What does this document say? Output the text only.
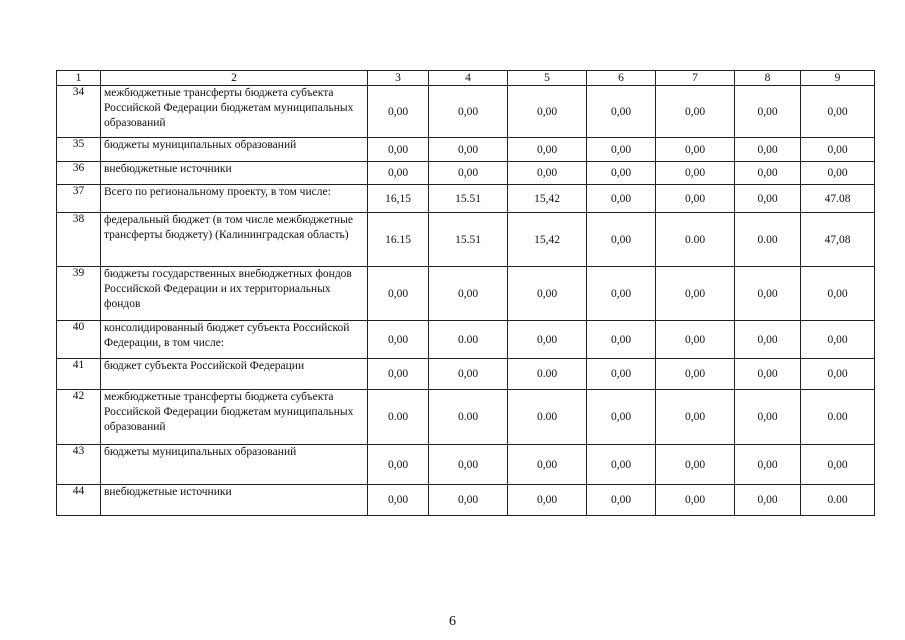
1	2	3	4	5	6	7	8	9
34	межбюджетные трансферты бюджета субъекта Российской Федерации бюджетам муниципальных образований	0,00	0,00	0,00	0,00	0,00	0,00	0,00
35	бюджеты муниципальных образований	0,00	0,00	0,00	0,00	0,00	0,00	0,00
36	внебюджетные источники	0,00	0,00	0,00	0,00	0,00	0,00	0,00
37	Всего по региональному проекту, в том числе:	16,15	15.51	15,42	0,00	0,00	0,00	47.08
38	федеральный бюджет (в том числе межбюджетные трансферты бюджету) (Калининградская область)	16.15	15.51	15,42	0,00	0.00	0.00	47,08
39	бюджеты государственных внебюджетных фондов Российской Федерации и их территориальных фондов	0,00	0,00	0,00	0,00	0,00	0,00	0,00
40	консолидированный бюджет субъекта Российской Федерации, в том числе:	0,00	0.00	0,00	0,00	0,00	0,00	0,00
41	бюджет субъекта Российской Федерации	0,00	0,00	0.00	0,00	0,00	0,00	0,00
42	межбюджетные трансферты бюджета субъекта Российской Федерации бюджетам муниципальных образований	0.00	0.00	0.00	0,00	0,00	0,00	0.00
43	бюджеты муниципальных образований	0,00	0,00	0,00	0,00	0,00	0,00	0,00
44	внебюджетные источники	0,00	0,00	0,00	0,00	0,00	0,00	0.00
6
